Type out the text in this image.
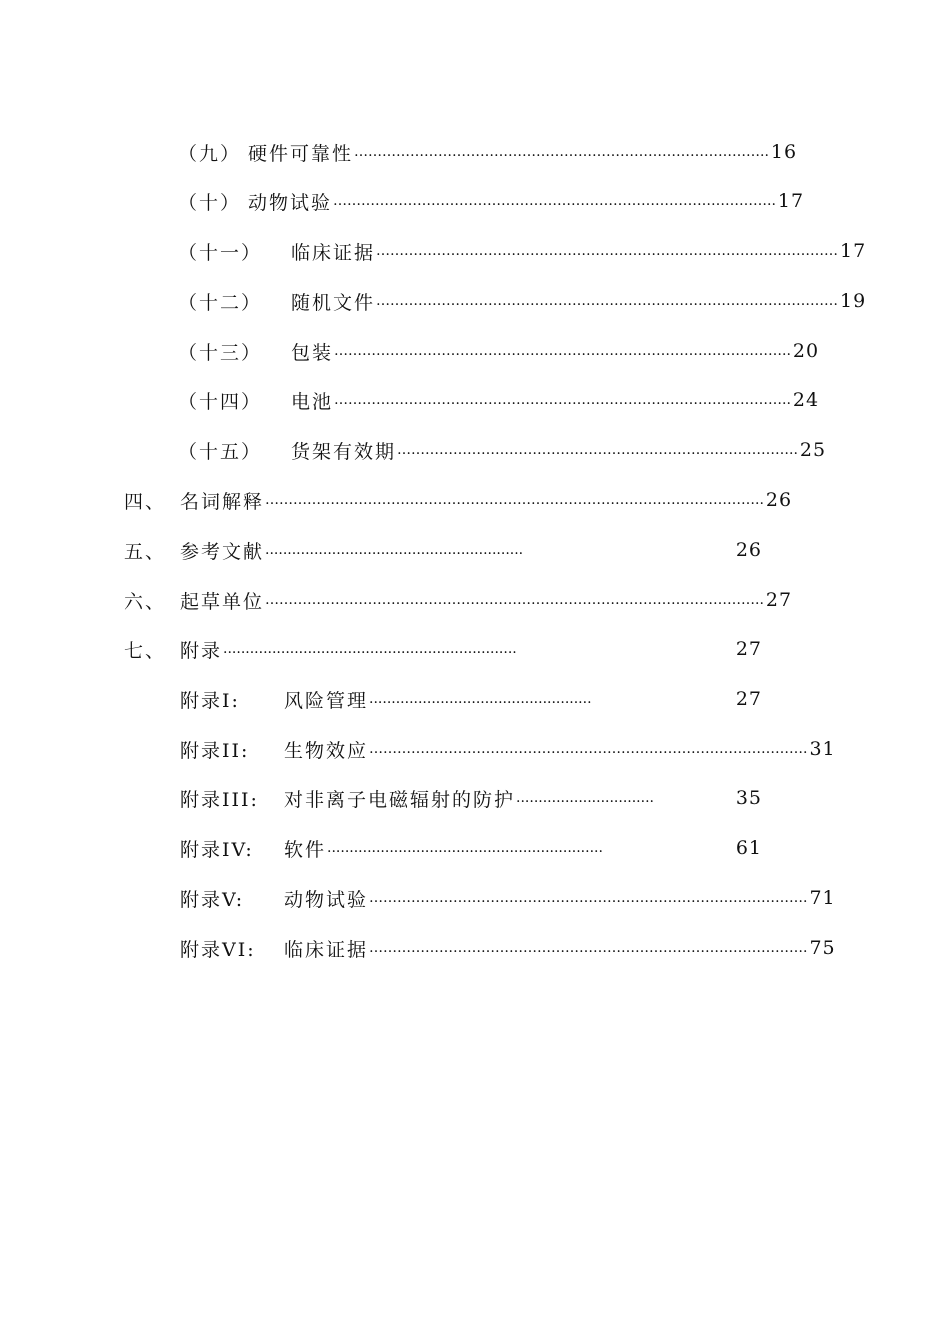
（九） 硬件可靠性 …………………………………………………………………………….. 16
（十） 动物试验 ………………………………………………………………………………….. 17
（十一）	临床证据 ……………………………………………………………………………………… 17
（十二）	随机文件 ……………………………………………………………………………………… 19
（十三）	包装 …………………………………………………………………………………….. 20
（十四）	电池 …………………………………………………………………………………….. 24
（十五）	货架有效期 ………………………………………………………………………….. 25
四、 名词解释 …………………………………………………………………………………………….. 26
五、 参考文献 ..........................................................	26
六、 起草单位 …………………………………………………………………………………………….. 27
七、 附录 ..................................................................	27
附录I:	风险管理 ..................................................	27
附录II:	生物效应 …………………………………………………………………………………. 31
附录III:	对非离子电磁辐射的防护 ...............................	35
附录IV:	软件 ..............................................................	61
附录V:	动物试验 …………………………………………………………………………………. 71
附录VI:	临床证据 …………………………………………………………………………………. 75
